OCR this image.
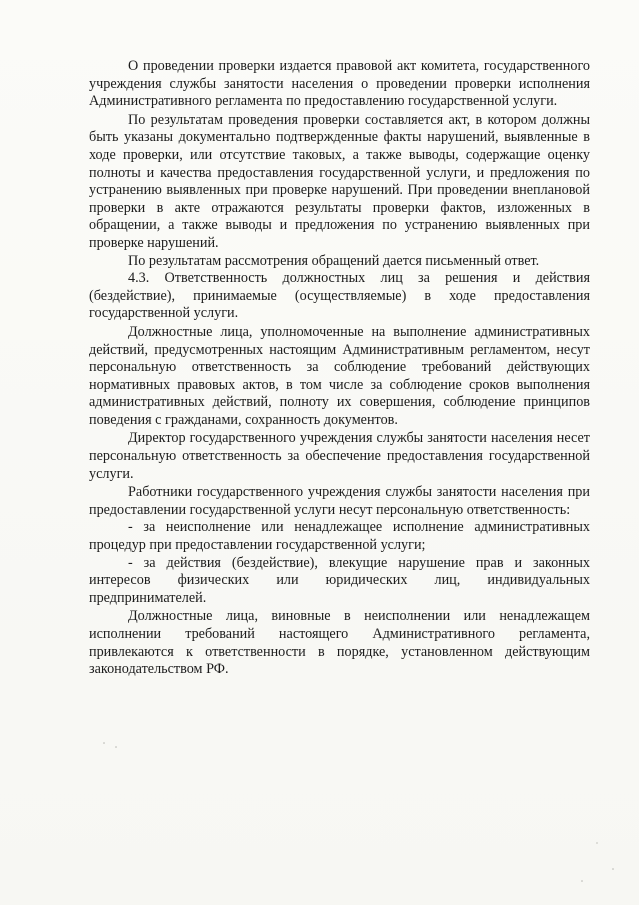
О проведении проверки издается правовой акт комитета, государственного учреждения службы занятости населения о проведении проверки исполнения Административного регламента по предоставлению государственной услуги.

По результатам проведения проверки составляется акт, в котором должны быть указаны документально подтвержденные факты нарушений, выявленные в ходе проверки, или отсутствие таковых, а также выводы, содержащие оценку полноты и качества предоставления государственной услуги, и предложения по устранению выявленных при проверке нарушений. При проведении внеплановой проверки в акте отражаются результаты проверки фактов, изложенных в обращении, а также выводы и предложения по устранению выявленных при проверке нарушений.

По результатам рассмотрения обращений дается письменный ответ.

4.3. Ответственность должностных лиц за решения и действия (бездействие), принимаемые (осуществляемые) в ходе предоставления государственной услуги.

Должностные лица, уполномоченные на выполнение административных действий, предусмотренных настоящим Административным регламентом, несут персональную ответственность за соблюдение требований действующих нормативных правовых актов, в том числе за соблюдение сроков выполнения административных действий, полноту их совершения, соблюдение принципов поведения с гражданами, сохранность документов.

Директор государственного учреждения службы занятости населения несет персональную ответственность за обеспечение предоставления государственной услуги.

Работники государственного учреждения службы занятости населения при предоставлении государственной услуги несут персональную ответственность:

- за неисполнение или ненадлежащее исполнение административных процедур при предоставлении государственной услуги;

- за действия (бездействие), влекущие нарушение прав и законных интересов физических или юридических лиц, индивидуальных предпринимателей.

Должностные лица, виновные в неисполнении или ненадлежащем исполнении требований настоящего Административного регламента, привлекаются к ответственности в порядке, установленном действующим законодательством РФ.
